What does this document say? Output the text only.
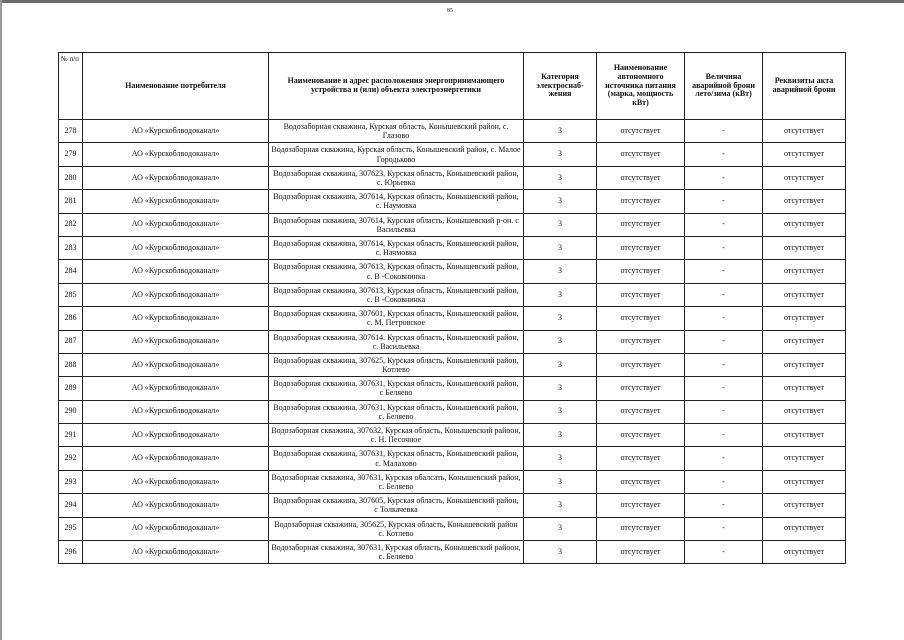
85
№ п/п	Наименование потребителя	Наименование и адрес расположения энергопринимающего устройства и (или) объекта электроэнергетики	Категория электроснаб-жения	Наименование автономного источника питания (марка, мощность кВт)	Величина аварийной брони лето/зима (кВт)	Реквизиты акта аварийной брони
278	АО «Курскоблводоканал»	Водозаборная скважина, Курская область, Конышевский район, с. Глазово	3	отсутствует	-	отсутствует
279	АО «Курскоблводоканал»	Водозаборная скважина, Курская область, Конышевский район, с. Малое Городьково	3	отсутствует	-	отсутствует
280	АО «Курскоблводоканал»	Водозаборная скважина, 307623, Курская область, Конышевский район, с. Юрьевка	3	отсутствует	-	отсутствует
281	АО «Курскоблводоканал»	Водозаборная скважина, 307614, Курская область, Конышевский район, с. Наумовка	3	отсутствует	-	отсутствует
282	АО «Курскоблводоканал»	Водозаборная скважина, 307614, Курская область, Конышевский р-он. с Васильевка	3	отсутствует	-	отсутствует
283	АО «Курскоблводоканал»	Водозаборная скважина, 307614, Курская область, Конышевский район, с. Начмовка	3	отсутствует	-	отсутствует
284	АО «Курскоблводоканал»	Водозаборная скважина, 307613, Курская область, Конышевский район, с. В -Соковнинка	3	отсутствует	-	отсутствует
285	АО «Курскоблводоканал»	Водозаборная скважина, 307613, Курская область, Конышевский район, с. В -Соковнинка	3	отсутствует	-	отсутствует
286	АО «Курскоблводоканал»	Водозаборная скважина, 307601, Курская область, Конышевский район, с. М. Петровское	3	отсутствует	-	отсутствует
287	АО «Курскоблводоканал»	Водозаборная скважина, 307614. Курская область, Конышевский район, с. Васильевка	3	отсутствует	-	отсутствует
288	АО «Курскоблводоканал»	Водозаборная скважина, 307625, Курская область, Конышевский район, Котлево	3	отсутствует	-	отсутствует
289	АО «Курскоблводоканал»	Водозаборная скважина, 307631, Курская область, Конышевский район, с Беляево	3	отсутствует	-	отсутствует
290	АО «Курскоблводоканал»	Водозаборная скважина, 307631, Курская область, Конышевский район, с. Беляево	3	отсутствует	-	отсутствует
291	АО «Курскоблводоканал»	Водозаборная скважина, 307632, Курская область, Конышевский райоон, с. Н. Песочное	3	отсутствует	-	отсутствует
292	АО «Курскоблводоканал»	Водозаборная скважина, 307631, Курская область, Конышевский район, с. Малахово	3	отсутствует	-	отсутствует
293	АО «Курскоблводоканал»	Водозаборная скважина, 307631, Курская обалсать, Конышевский район, с. Беляево	3	отсутствует	-	отсутствует
294	АО «Курскоблводоканал»	Водозаборная скважина, 307605, Курская область, Конышевский район, с Толкачевка	3	отсутствует	-	отсутствует
295	АО «Курскоблводоканал»	Водозаборная скважина, 305625, Курская область, Конышевский район с. Котлево	3	отсутствует	-	отсутствует
296	АО «Курскоблводоканал»	Водозаборная скважина, 307631, Курская область, Конышевский райоон, с. Беляево	3	отсутствует	-	отсутствует
